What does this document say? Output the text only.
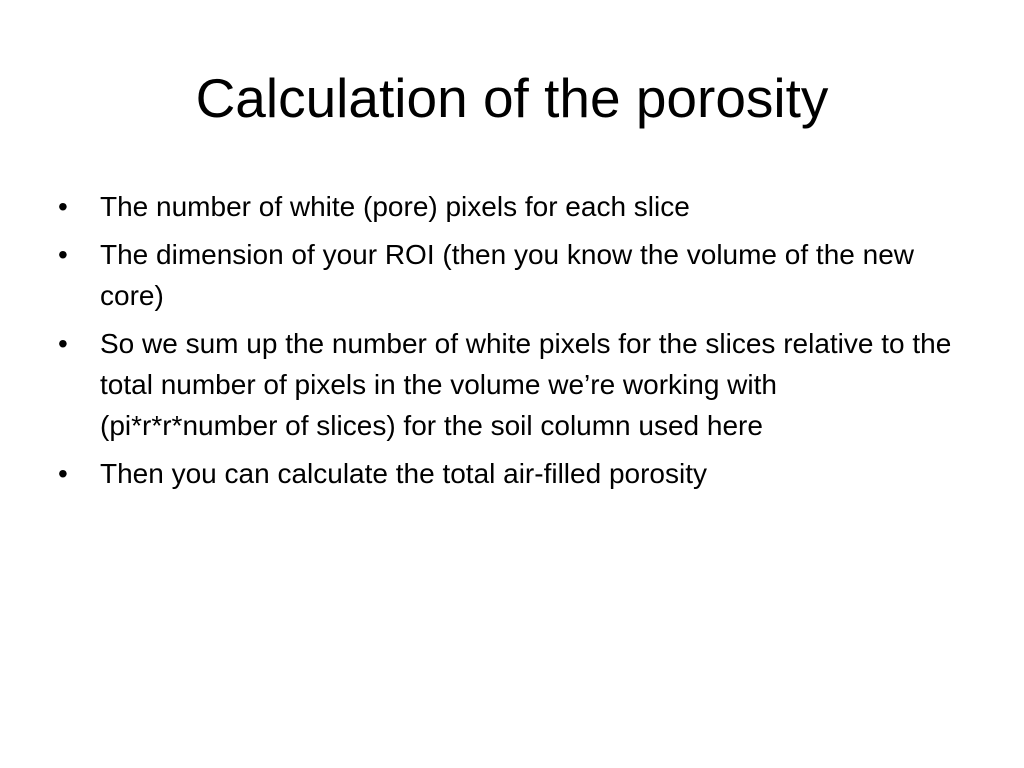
Calculation of the porosity
•	The number of white (pore) pixels for each slice
•	The dimension of your ROI (then you know the volume of the new core)
•	So we sum up the number of white pixels for the slices relative to the total number of pixels in the volume we’re working with (pi*r*r*number of slices) for the soil column used here
•	Then you can calculate the total air-filled porosity
